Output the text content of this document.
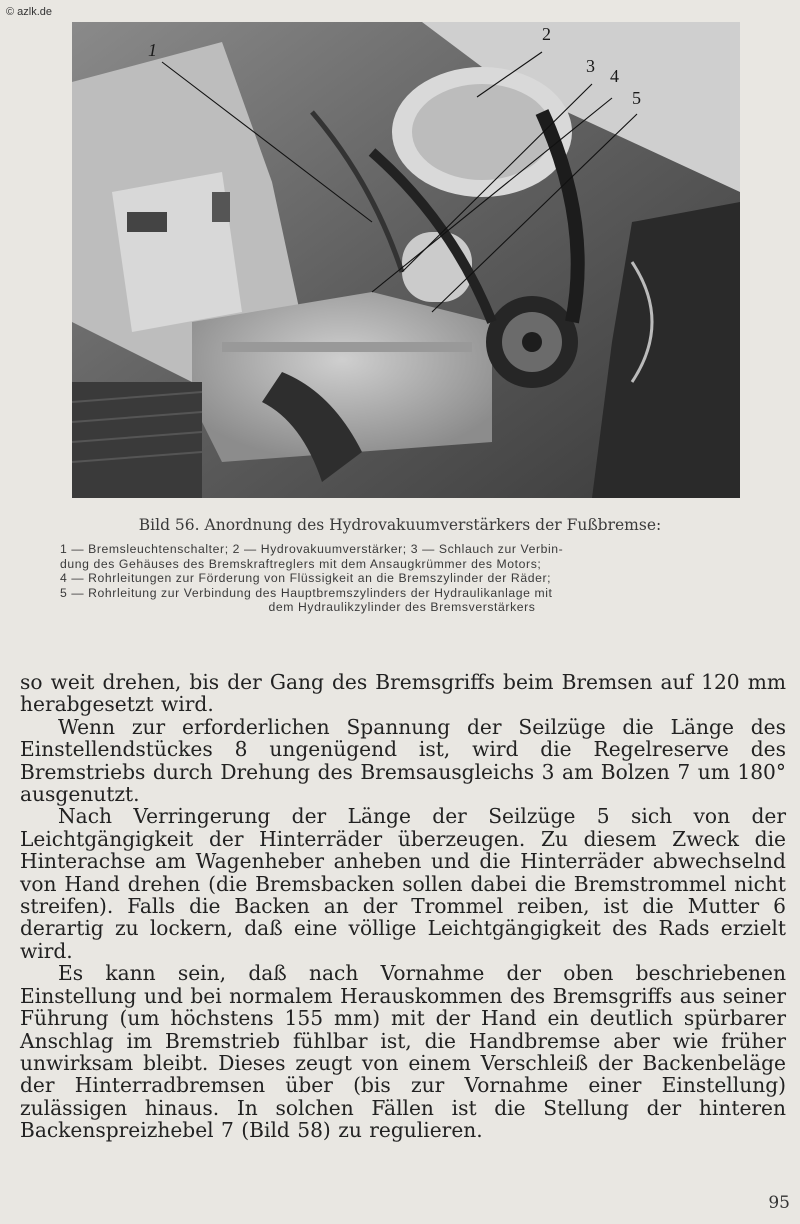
© azlk.de
1
2
3 4
5
Bild 56. Anordnung des Hydrovakuumverstärkers der Fußbremse:
1 — Bremsleuchtenschalter; 2 — Hydrovakuumverstärker; 3 — Schlauch zur Verbin-
dung des Gehäuses des Bremskraftreglers mit dem Ansaugkrümmer des Motors;
4 — Rohrleitungen zur Förderung von Flüssigkeit an die Bremszylinder der Räder;
5 — Rohrleitung zur Verbindung des Hauptbremszylinders der Hydraulikanlage mit
dem Hydraulikzylinder des Bremsverstärkers

so weit drehen, bis der Gang des Bremsgriffs beim Bremsen auf 120 mm herabgesetzt wird.

Wenn zur erforderlichen Spannung der Seilzüge die Länge des Einstellendstückes 8 ungenügend ist, wird die Regelreserve des Bremstriebs durch Drehung des Bremsausgleichs 3 am Bolzen 7 um 180° ausgenutzt.

Nach Verringerung der Länge der Seilzüge 5 sich von der Leichtgängigkeit der Hinterräder überzeugen. Zu diesem Zweck die Hinterachse am Wagenheber anheben und die Hinterräder abwechselnd von Hand drehen (die Bremsbacken sollen dabei die Bremstrommel nicht streifen). Falls die Backen an der Trommel reiben, ist die Mutter 6 derartig zu lockern, daß eine völlige Leichtgängigkeit des Rads erzielt wird.

Es kann sein, daß nach Vornahme der oben beschriebenen Einstellung und bei normalem Herauskommen des Bremsgriffs aus seiner Führung (um höchstens 155 mm) mit der Hand ein deutlich spürbarer Anschlag im Bremstrieb fühlbar ist, die Handbremse aber wie früher unwirksam bleibt. Dieses zeugt von einem Verschleiß der Backenbeläge der Hinterradbremsen über (bis zur Vornahme einer Einstellung) zulässigen hinaus. In solchen Fällen ist die Stellung der hinteren Backenspreizhebel 7 (Bild 58) zu regulieren.

95
